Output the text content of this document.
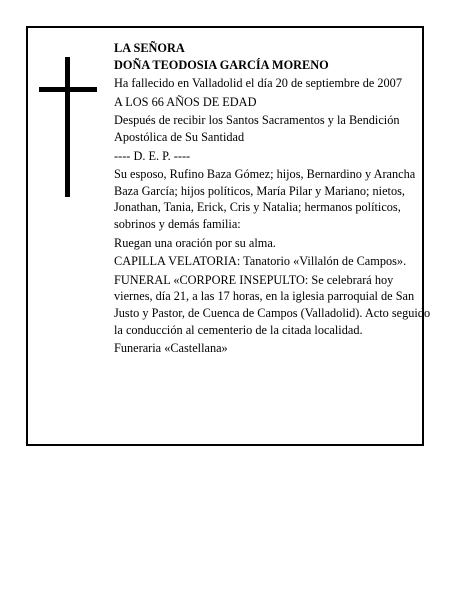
LA SEÑORA

DOÑA TEODOSIA GARCÍA MORENO

Ha fallecido en Valladolid el día 20 de septiembre de 2007

A LOS 66 AÑOS DE EDAD

Después de recibir los Santos Sacramentos y la Bendición Apostólica de Su Santidad

---- D. E. P. ----

Su esposo, Rufino Baza Gómez; hijos, Bernardino y Arancha Baza García; hijos políticos, María Pilar y Mariano; nietos, Jonathan, Tania, Erick, Cris y Natalia; hermanos políticos, sobrinos y demás familia:

Ruegan una oración por su alma.

CAPILLA VELATORIA: Tanatorio «Villalón de Campos».

FUNERAL «CORPORE INSEPULTO: Se celebrará hoy viernes, día 21, a las 17 horas, en la iglesia parroquial de San Justo y Pastor, de Cuenca de Campos (Valladolid). Acto seguido la conducción al cementerio de la citada localidad.

Funeraria «Castellana»
